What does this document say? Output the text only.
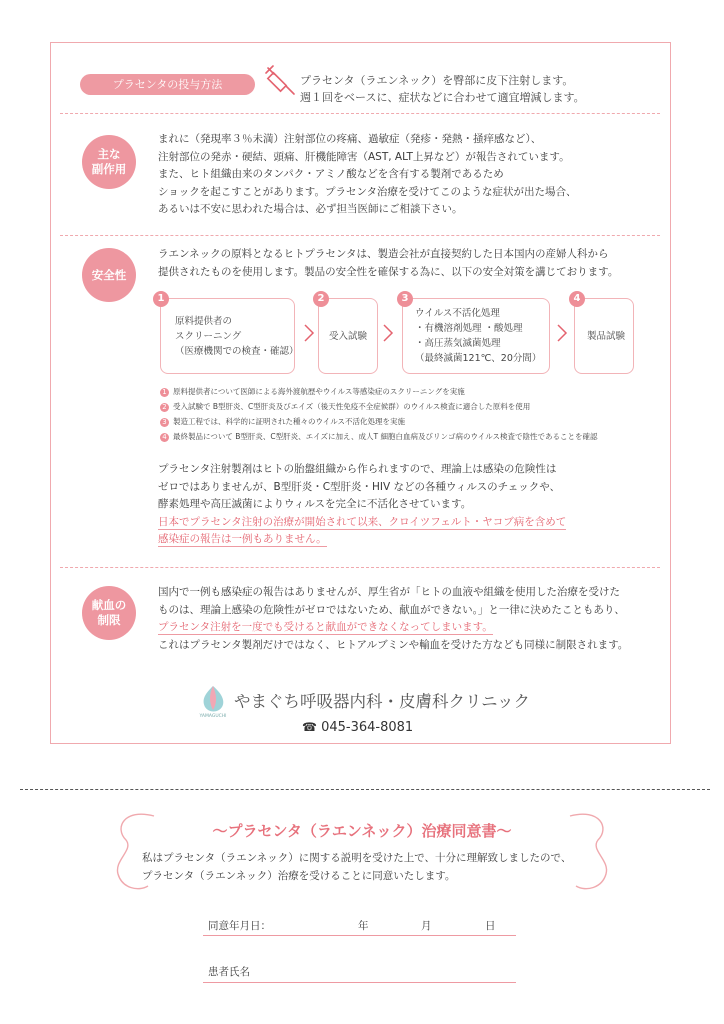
プラセンタの投与方法	プラセンタ（ラエンネック）を臀部に皮下注射します。
週１回をベースに、症状などに合わせて適宜増減します。
主な
副作用
まれに（発現率３％未満）注射部位の疼痛、過敏症（発疹・発熱・掻痒感など）、
注射部位の発赤・硬結、頭痛、肝機能障害（AST, ALT上昇など）が報告されています。
また、ヒト組織由来のタンパク・アミノ酸などを含有する製剤であるため
ショックを起こすことがあります。プラセンタ治療を受けてこのような症状が出た場合、
あるいは不安に思われた場合は、必ず担当医師にご相談下さい。
安全性
ラエンネックの原料となるヒトプラセンタは、製造会社が直接契約した日本国内の産婦人科から
提供されたものを使用します。製品の安全性を確保する為に、以下の安全対策を講じております。
原料提供者の
スクリーニング
（医療機関での検査・確認）
1
受入試験
2
ウイルス不活化処理
・有機溶剤処理 ・酸処理
・高圧蒸気滅菌処理
（最終滅菌121℃、20分間）
3
製品試験
4
1 原料提供者について医師による海外渡航歴やウイルス等感染症のスクリーニングを実施
2 受入試験で B型肝炎、C型肝炎及びエイズ（後天性免疫不全症候群）のウイルス検査に適合した原料を使用
3 製造工程では、科学的に証明された種々のウイルス不活化処理を実施
4 最終製品について B型肝炎、C型肝炎、エイズに加え、成人T 細胞白血病及びリンゴ病のウイルス検査で陰性であることを確認
プラセンタ注射製剤はヒトの胎盤組織から作られますので、理論上は感染の危険性は
ゼロではありませんが、B型肝炎・C型肝炎・HIV などの各種ウィルスのチェックや、
酵素処理や高圧滅菌によりウィルスを完全に不活化させています。
日本でプラセンタ注射の治療が開始されて以来、クロイツフェルト・ヤコブ病を含めて
感染症の報告は一例もありません。
献血の
制限
国内で一例も感染症の報告はありませんが、厚生省が「ヒトの血液や組織を使用した治療を受けた
ものは、理論上感染の危険性がゼロではないため、献血ができない。」と一律に決めたこともあり、
プラセンタ注射を一度でも受けると献血ができなくなってしまいます。
これはプラセンタ製剤だけではなく、ヒトアルブミンや輸血を受けた方なども同様に制限されます。
YAMAGUCHI
やまぐち呼吸器内科・皮膚科クリニック
☎ 045-364-8081
～プラセンタ（ラエンネック）治療同意書～
私はプラセンタ（ラエンネック）に関する説明を受けた上で、十分に理解致しましたので、
プラセンタ（ラエンネック）治療を受けることに同意いたします。
同意年月日：	年	月	日
患者氏名
